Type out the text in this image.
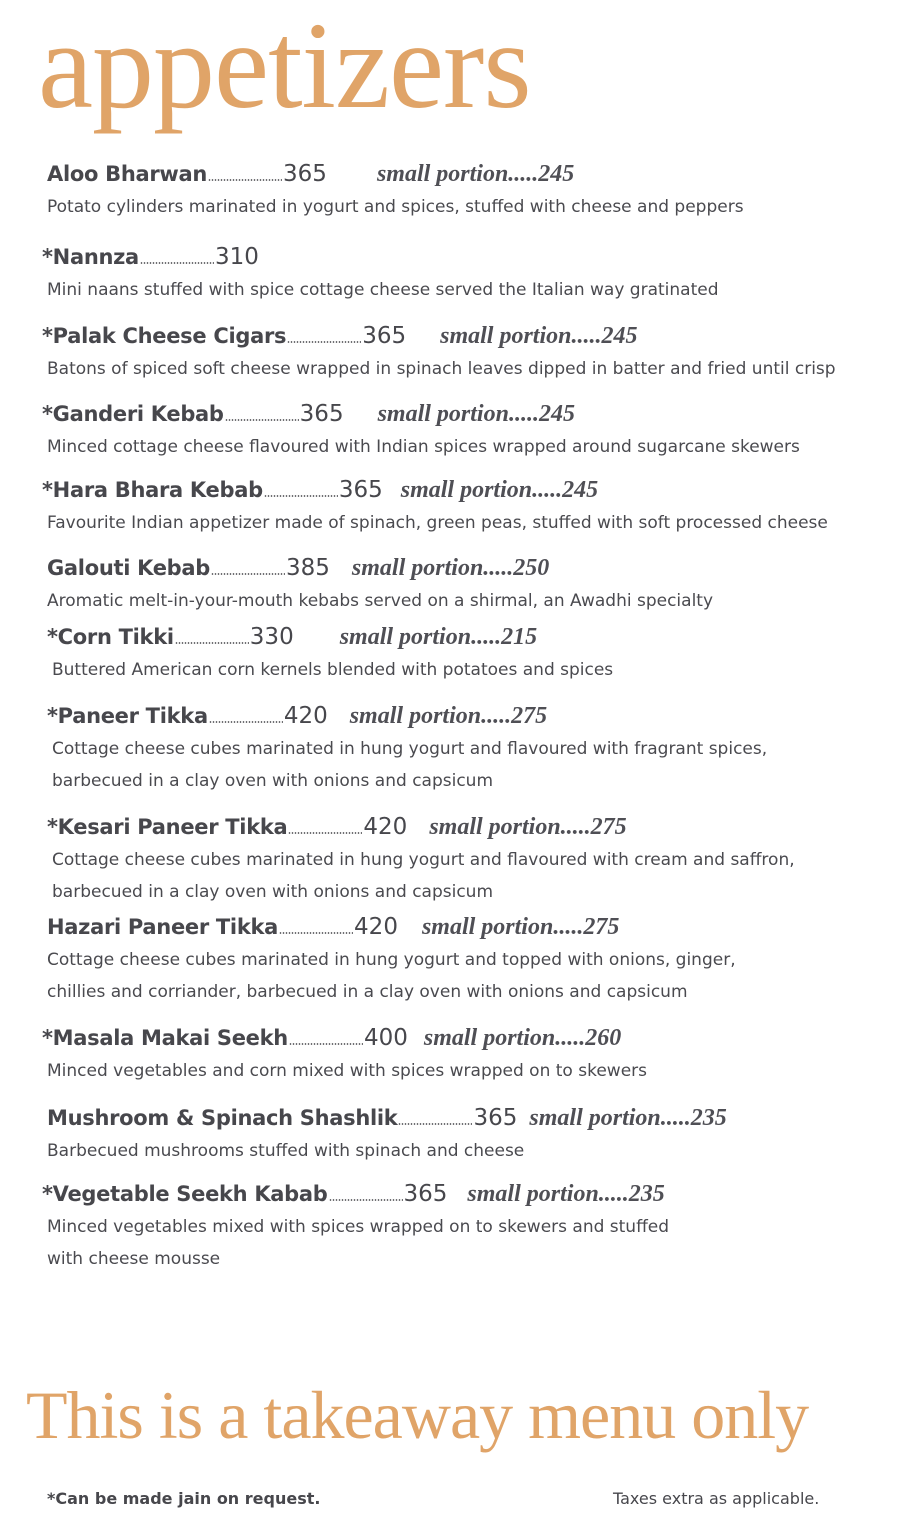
appetizers
Aloo Bharwan	365 small portion.....245
Potato cylinders marinated in yogurt and spices, stuffed with cheese and peppers
*Nannza	310
Mini naans stuffed with spice cottage cheese served the Italian way gratinated
*Palak Cheese Cigars	365 small portion.....245
Batons of spiced soft cheese wrapped in spinach leaves dipped in batter and fried until crisp
*Ganderi Kebab	365 small portion.....245
Minced cottage cheese flavoured with Indian spices wrapped around sugarcane skewers
*Hara Bhara Kebab	365 small portion.....245
Favourite Indian appetizer made of spinach, green peas, stuffed with soft processed cheese
Galouti Kebab	385 small portion.....250
Aromatic melt-in-your-mouth kebabs served on a shirmal, an Awadhi specialty
*Corn Tikki	330 small portion.....215
Buttered American corn kernels blended with potatoes and spices
*Paneer Tikka	420 small portion.....275
Cottage cheese cubes marinated in hung yogurt and flavoured with fragrant spices,
barbecued in a clay oven with onions and capsicum
*Kesari Paneer Tikka	420 small portion.....275
Cottage cheese cubes marinated in hung yogurt and flavoured with cream and saffron,
barbecued in a clay oven with onions and capsicum
Hazari Paneer Tikka	420 small portion.....275
Cottage cheese cubes marinated in hung yogurt and topped with onions, ginger,
chillies and corriander, barbecued in a clay oven with onions and capsicum
*Masala Makai Seekh	400 small portion.....260
Minced vegetables and corn mixed with spices wrapped on to skewers
Mushroom & Spinach Shashlik	365 small portion.....235
Barbecued mushrooms stuffed with spinach and cheese
*Vegetable Seekh Kabab	365 small portion.....235
Minced vegetables mixed with spices wrapped on to skewers and stuffed
with cheese mousse
This is a takeaway menu only
*Can be made jain on request.	Taxes extra as applicable.
